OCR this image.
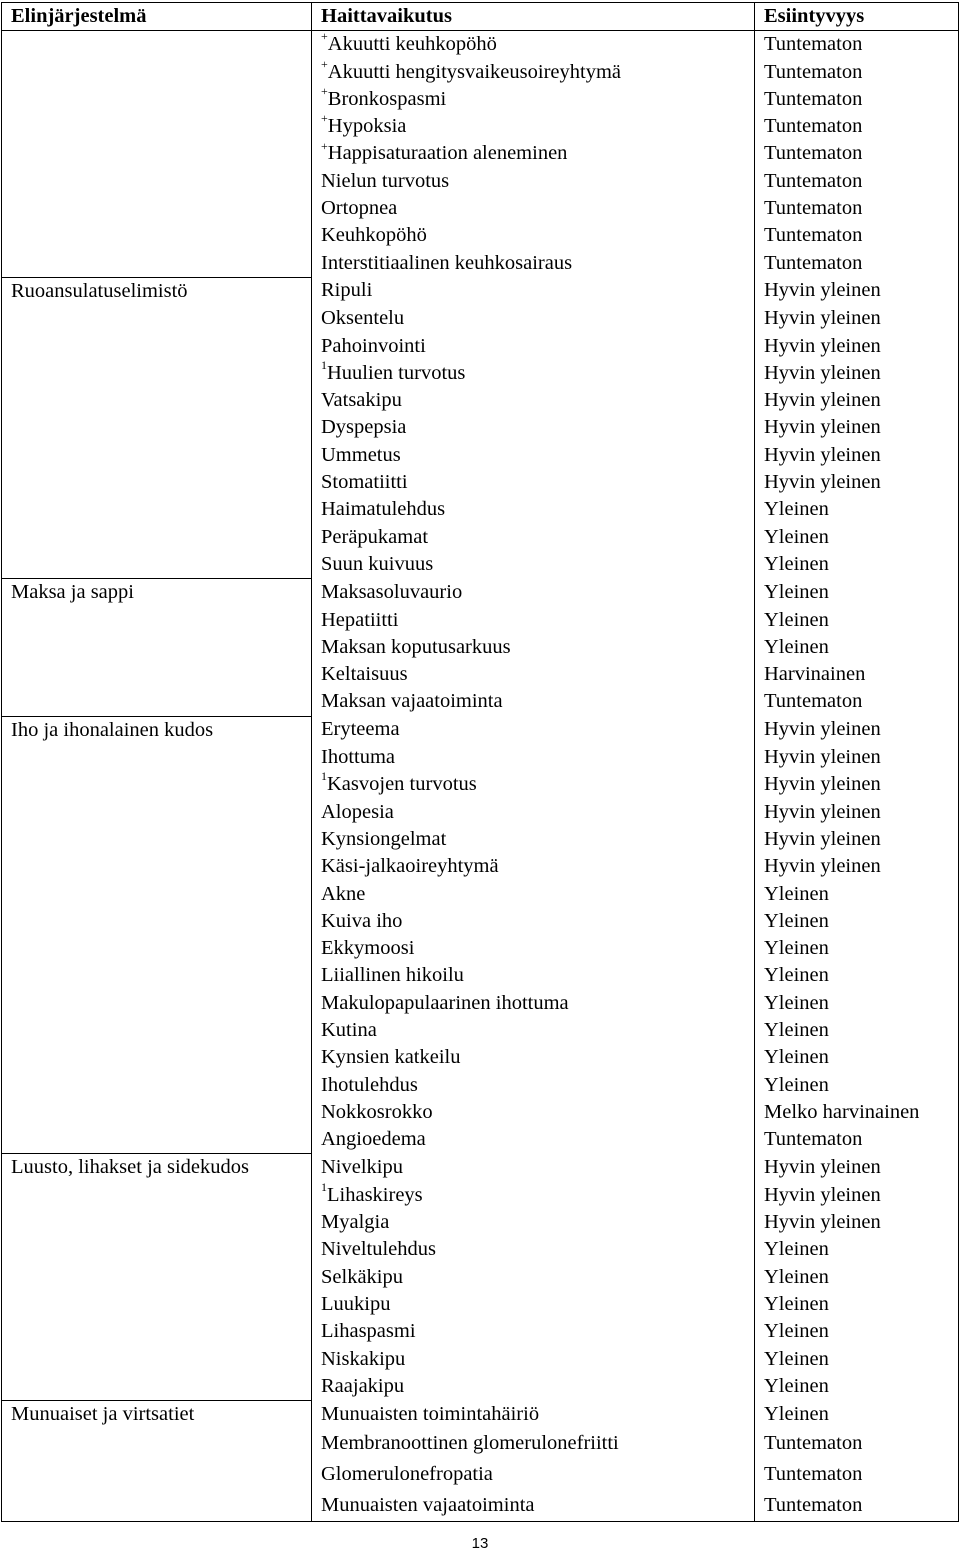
Elinjärjestelmä	Haittavaikutus	Esiintyvyys
	+Akuutti keuhkopöhö	Tuntematon
	+Akuutti hengitysvaikeusoireyhtymä	Tuntematon
	+Bronkospasmi	Tuntematon
	+Hypoksia	Tuntematon
	+Happisaturaation aleneminen	Tuntematon
	Nielun turvotus	Tuntematon
	Ortopnea	Tuntematon
	Keuhkopöhö	Tuntematon
	Interstitiaalinen keuhkosairaus	Tuntematon
Ruoansulatuselimistö	Ripuli	Hyvin yleinen
	Oksentelu	Hyvin yleinen
	Pahoinvointi	Hyvin yleinen
	$^1$Huulien turvotus	Hyvin yleinen
	Vatsakipu	Hyvin yleinen
	Dyspepsia	Hyvin yleinen
	Ummetus	Hyvin yleinen
	Stomatiitti	Hyvin yleinen
	Haimatulehdus	Yleinen
	Peräpukamat	Yleinen
	Suun kuivuus	Yleinen
Maksa ja sappi	Maksasoluvaurio	Yleinen
	Hepatiitti	Yleinen
	Maksan koputusarkuus	Yleinen
	Keltaisuus	Harvinainen
	Maksan vajaatoiminta	Tuntematon
Iho ja ihonalainen kudos	Eryteema	Hyvin yleinen
	Ihottuma	Hyvin yleinen
	$^1$Kasvojen turvotus	Hyvin yleinen
	Alopesia	Hyvin yleinen
	Kynsiongelmat	Hyvin yleinen
	Käsi-jalkaoireyhtymä	Hyvin yleinen
	Akne	Yleinen
	Kuiva iho	Yleinen
	Ekkymoosi	Yleinen
	Liiallinen hikoilu	Yleinen
	Makulopapulaarinen ihottuma	Yleinen
	Kutina	Yleinen
	Kynsien katkeilu	Yleinen
	Ihotulehdus	Yleinen
	Nokkosrokko	Melko harvinainen
	Angioedema	Tuntematon
Luusto, lihakset ja sidekudos	Nivelkipu	Hyvin yleinen
	$^1$Lihaskireys	Hyvin yleinen
	Myalgia	Hyvin yleinen
	Niveltulehdus	Yleinen
	Selkäkipu	Yleinen
	Luukipu	Yleinen
	Lihaspasmi	Yleinen
	Niskakipu	Yleinen
	Raajakipu	Yleinen
Munuaiset ja virtsatiet	Munuaisten toimintahäiriö	Yleinen
	Membranoottinen glomerulonefriitti	Tuntematon
	Glomerulonefropatia	Tuntematon
	Munuaisten vajaatoiminta	Tuntematon
13
